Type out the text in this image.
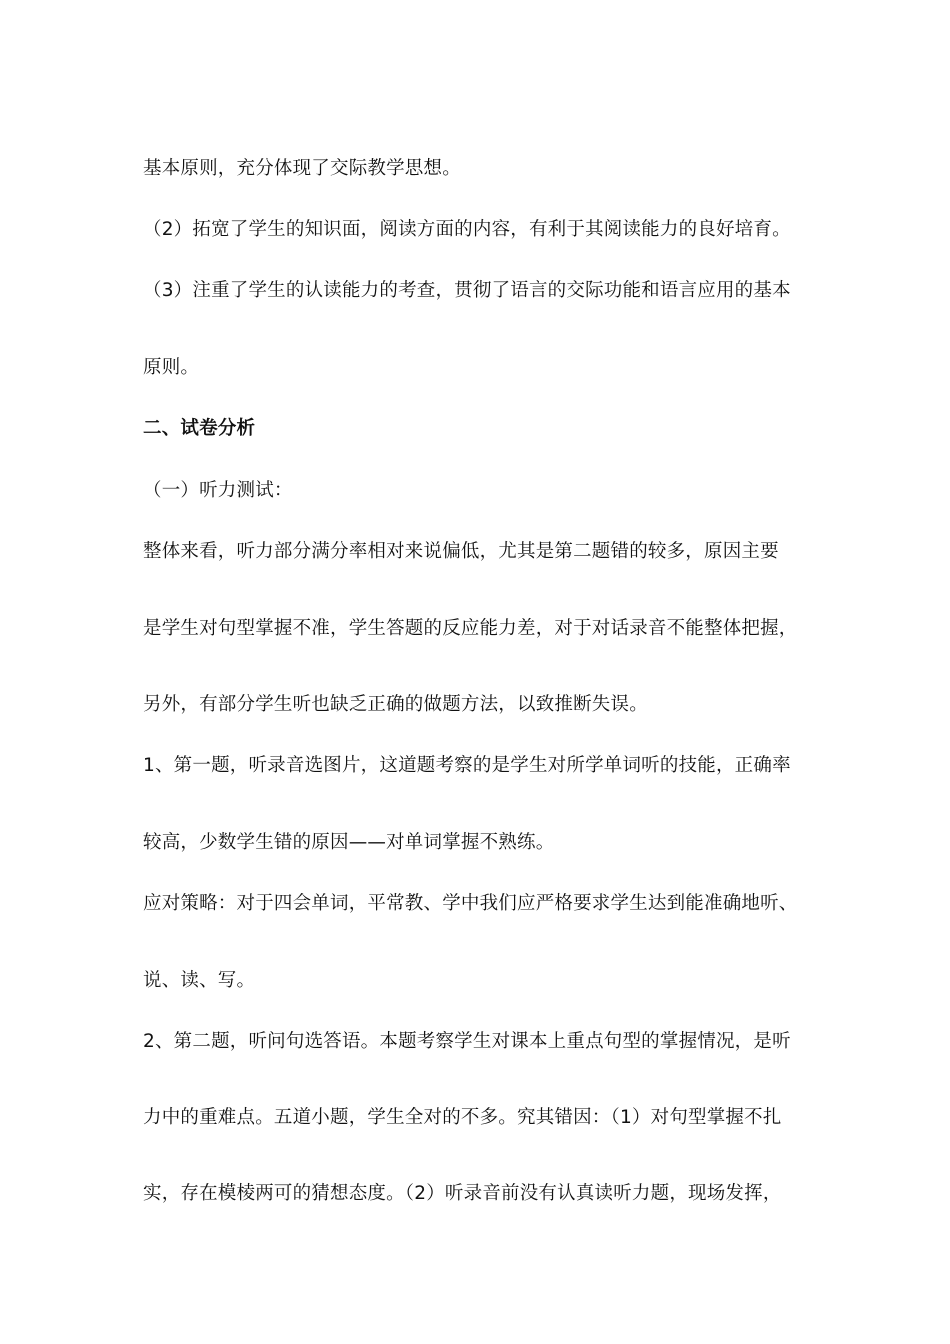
基本原则，充分体现了交际教学思想。

（2）拓宽了学生的知识面，阅读方面的内容，有利于其阅读能力的良好培育。

（3）注重了学生的认读能力的考查，贯彻了语言的交际功能和语言应用的基本

原则。

二、试卷分析

（一）听力测试：

整体来看，听力部分满分率相对来说偏低，尤其是第二题错的较多，原因主要

是学生对句型掌握不准，学生答题的反应能力差，对于对话录音不能整体把握，

另外，有部分学生听也缺乏正确的做题方法，以致推断失误。

1、第一题，听录音选图片，这道题考察的是学生对所学单词听的技能，正确率

较高，少数学生错的原因——对单词掌握不熟练。

应对策略：对于四会单词，平常教、学中我们应严格要求学生达到能准确地听、

说、读、写。

2、第二题，听问句选答语。本题考察学生对课本上重点句型的掌握情况，是听

力中的重难点。五道小题，学生全对的不多。究其错因：（1）对句型掌握不扎

实，存在模棱两可的猜想态度。（2）听录音前没有认真读听力题，现场发挥，
